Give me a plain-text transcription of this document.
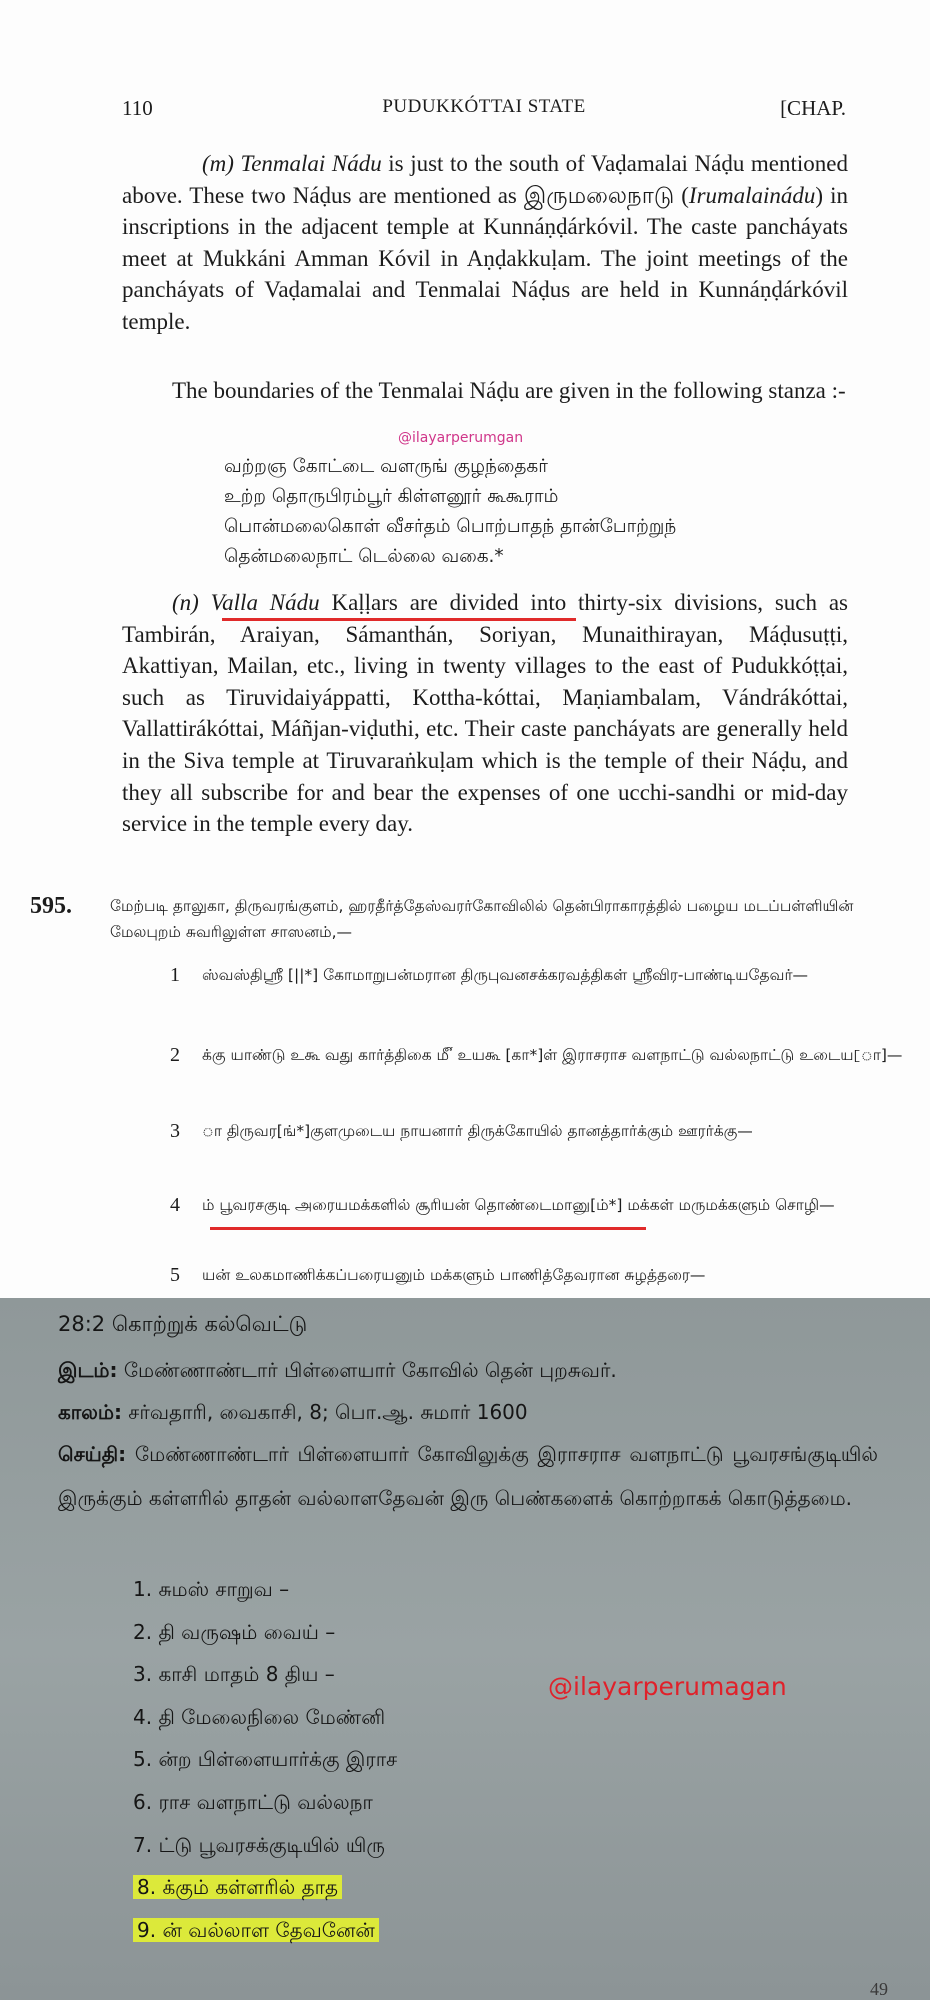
110	PUDUKKÓTTAI STATE	[CHAP.

(m) Tenmalai Nádu is just to the south of Vaḍamalai Náḍu mentioned above. These two Náḍus are mentioned as இருமலைநாடு (Irumalainádu) in inscriptions in the adjacent temple at Kunnáṇḍárkóvil. The caste pancháyats meet at Mukkáni Amman Kóvil in Aṇḍakkuḷam. The joint meetings of the pancháyats of Vaḍamalai and Tenmalai Náḍus are held in Kunnáṇḍárkóvil temple.

The boundaries of the Tenmalai Náḍu are given in the following stanza :-

@ilayarperumgan
வற்றஞ கோட்டை வளருங் குழந்தைகர்
உற்ற தொருபிரம்பூர் கிள்ளனூர் கூகூராம்
பொன்மலைகொள் வீசர்தம் பொற்பாதந் தான்போற்றுந்
தென்மலைநாட் டெல்லை வகை.*

(n) Valla Nádu Kaḷḷars are divided into thirty-six divisions, such as Tambirán, Araiyan, Sámanthán, Soriyan, Munaithirayan, Máḍusuṭṭi, Akattiyan, Mailan, etc., living in twenty villages to the east of Pudukkóṭṭai, such as Tiruvidaiyáppatti, Kottha-kóttai, Maṇiambalam, Vándrákóttai, Vallattirákóttai, Máñjan-viḍuthi, etc. Their caste pancháyats are generally held in the Siva temple at Tiruvaraṅkuḷam which is the temple of their Náḍu, and they all subscribe for and bear the expenses of one ucchi-sandhi or mid-day service in the temple every day.

595. மேற்படி தாலுகா, திருவரங்குளம், ஹரதீர்த்தேஸ்வரர்கோவிலில் தென்பிராகாரத்தில் பழைய மடப்பள்ளியின் மேலபுறம் சுவரிலுள்ள சாஸனம்,—
1 ஸ்வஸ்திஸ்ரீ [||*] கோமாறுபன்மரான திருபுவனசக்கரவத்திகள் ஸ்ரீவிர-பாண்டியதேவர்—
2 க்கு யாண்டு உகூ வது கார்த்திகை ௴ உயகூ [கா*]ள் இராசராச வளநாட்டு வல்லநாட்டு உடைய[ா]—
3 ா திருவர[ங்*]குளமுடைய நாயனார் திருக்கோயில் தானத்தார்க்கும் ஊரர்க்கு—
4 ம் பூவரசகுடி அரையமக்களில் சூரியன் தொண்டைமானு[ம்*] மக்கள் மருமக்களும் சொழி—
5 யன் உலகமாணிக்கப்பரையனும் மக்களும் பாணித்தேவரான சுழத்தரை—
28:2 கொற்றுக் கல்வெட்டு
இடம்: மேண்ணாண்டார் பிள்ளையார் கோவில் தென் புறசுவர்.
காலம்: சர்வதாரி, வைகாசி, 8; பொ.ஆ. சுமார் 1600
செய்தி: மேண்ணாண்டார் பிள்ளையார் கோவிலுக்கு இராசராச வளநாட்டு பூவரசங்குடியில் இருக்கும் கள்ளரில் தாதன் வல்லாளதேவன் இரு பெண்களைக் கொற்றாகக் கொடுத்தமை.
1. சுமஸ் சாறுவ –
2. தி வருஷம் வைய் –
3. காசி மாதம் 8 திய –
4. தி மேலைநிலை மேண்னி
5. ன்ற பிள்ளையார்க்கு இராச
6. ராச வளநாட்டு வல்லநா
7. ட்டு பூவரசக்குடியில் யிரு
8. க்கும் கள்ளரில் தாத
9. ன் வல்லாள தேவனேன்
@ilayarperumagan
49
